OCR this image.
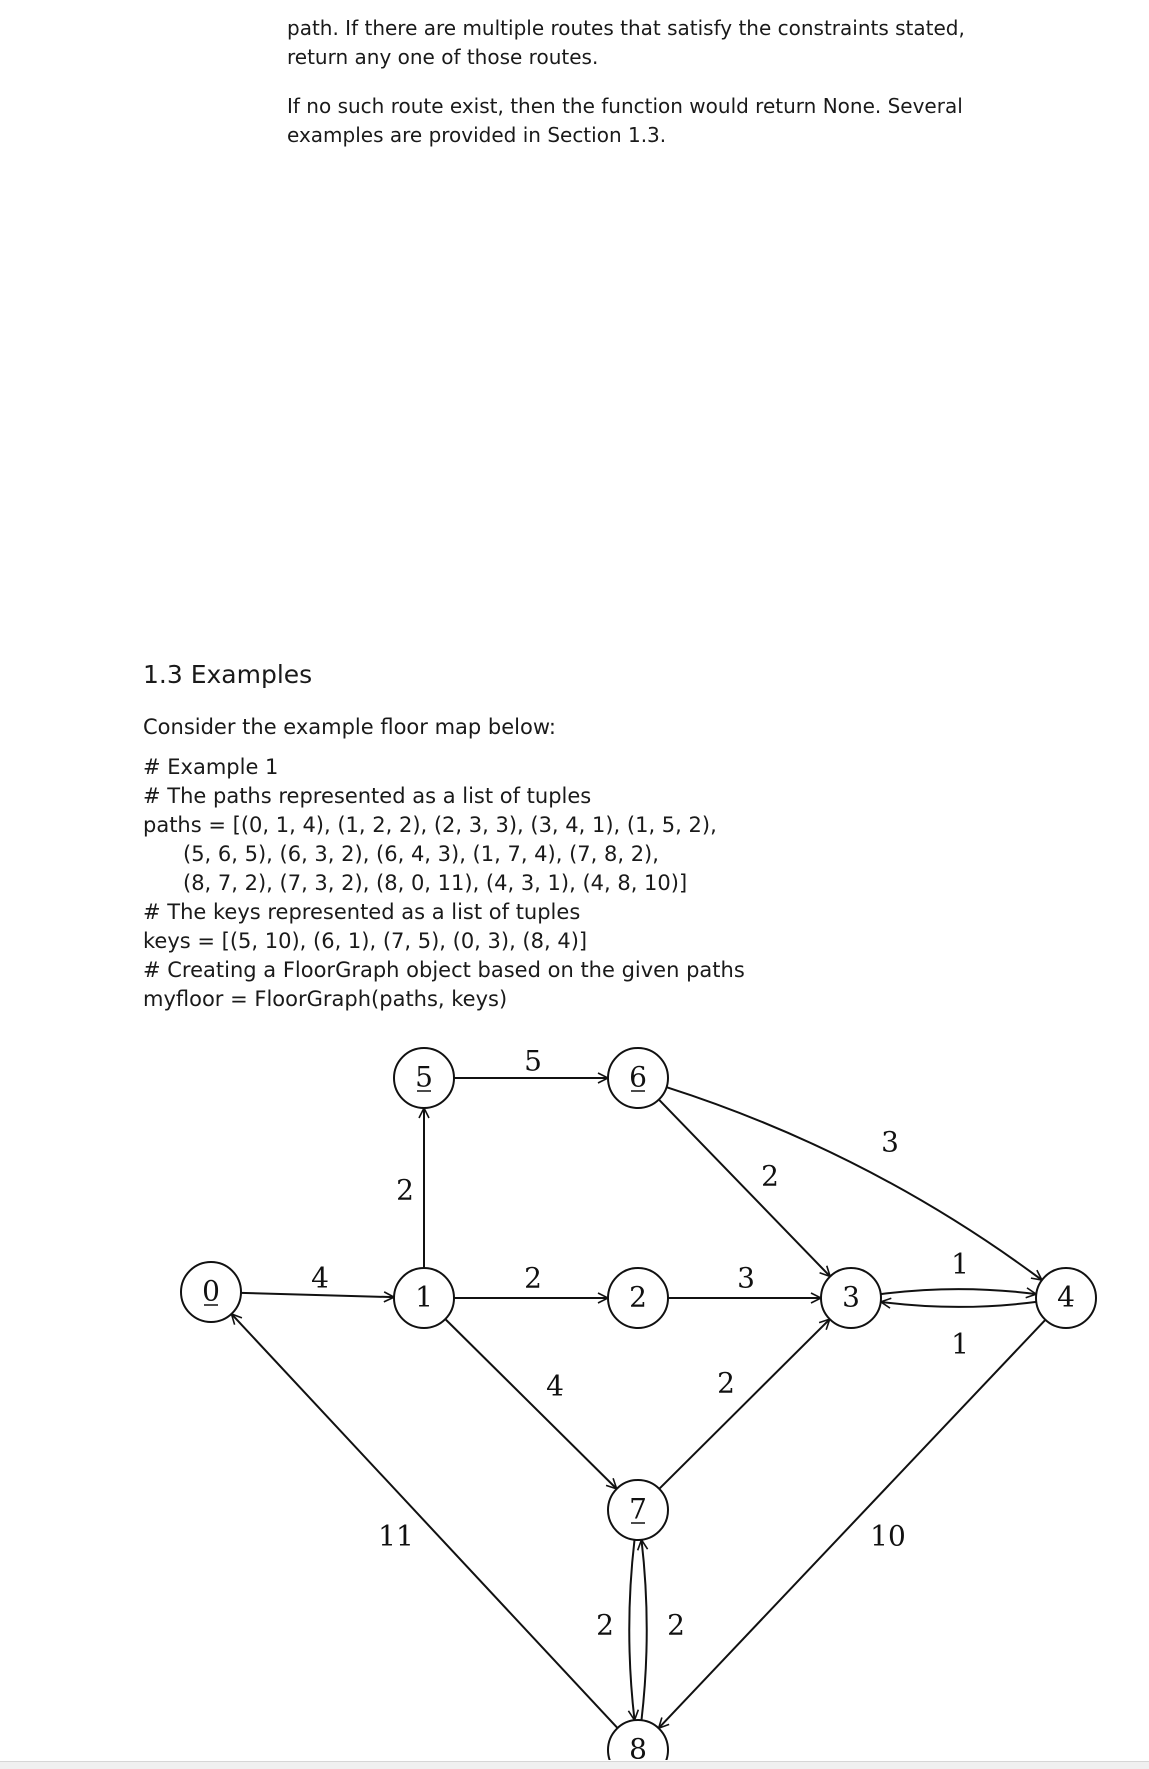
path. If there are multiple routes that satisfy the constraints stated, return any one of those routes.

If no such route exist, then the function would return None. Several examples are provided in Section 1.3.

1.3 Examples

Consider the example floor map below:

# Example 1
# The paths represented as a list of tuples
paths = [(0, 1, 4), (1, 2, 2), (2, 3, 3), (3, 4, 1), (1, 5, 2),
(5, 6, 5), (6, 3, 2), (6, 4, 3), (1, 7, 4), (7, 8, 2),
(8, 7, 2), (7, 3, 2), (8, 0, 11), (4, 3, 1), (4, 8, 10)]
# The keys represented as a list of tuples
keys = [(5, 10), (6, 1), (7, 5), (0, 3), (8, 4)]
# Creating a FloorGraph object based on the given paths
myfloor = FloorGraph(paths, keys)
4	2	3	1
2
5
2
3
4
2 2
2
11
1
10
0	1	2	3	4
5	6
7
8
